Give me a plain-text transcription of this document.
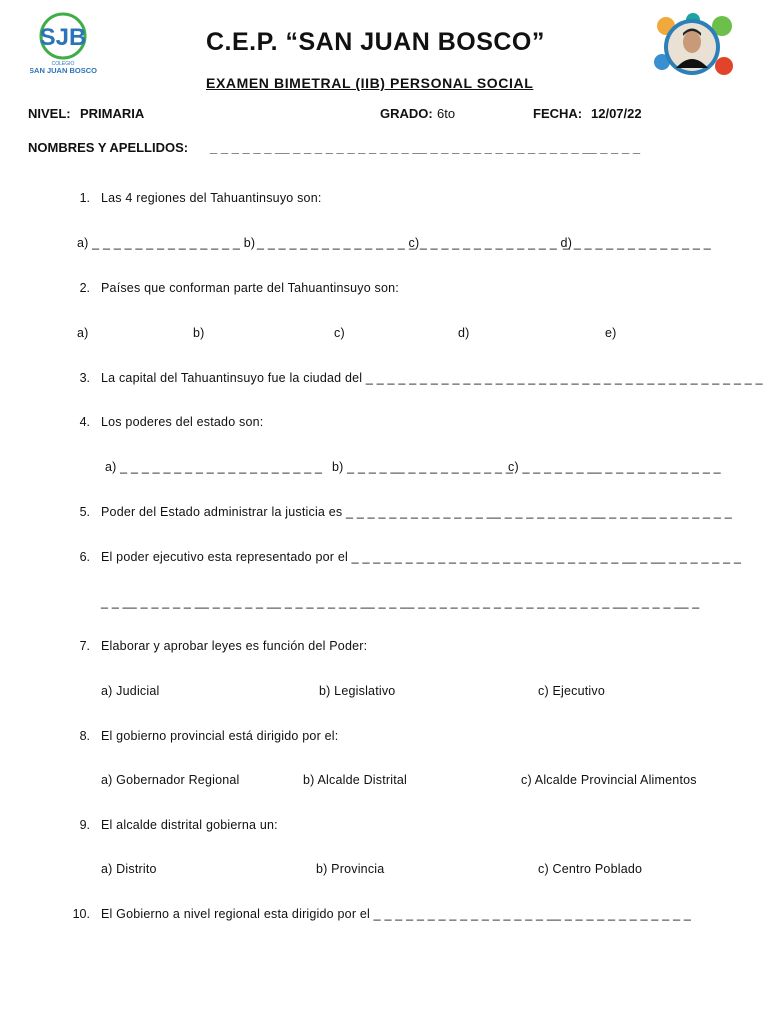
SJB
COLEGIO
SAN JUAN BOSCO
C.E.P. “SAN JUAN BOSCO”
EXAMEN BIMETRAL (IIB) PERSONAL SOCIAL
NIVEL: PRIMARIA	GRADO: 6to	FECHA: 12/07/22
NOMBRES Y APELLIDOS: _ _ _ _ _ _ __ _ _ _ _ _ _ _ _ _ _ _ __ _ _ _ _ _ _ _ _ _ _ _ _ _ _ __ _ _ _ _
1. Las 4 regiones del Tahuantinsuyo son:
a) _ _ _ _ _ _ _ _ _ _ _ _ _ _ b) _ _ _ _ _ _ _ _ _ _ _ _ _ _ c)
_ _ _ _ _ _ _ _ _ _ _ _ _ _ d)
_ _ _ _ _ _ _ _ _ _ _ _ _ _
2. Países que conforman parte del Tahuantinsuyo son:
a)	b)	c)	d)	e)
3. La capital del Tahuantinsuyo fue la ciudad del _ _ _ _ _ _ _ _ _ _ _ _ _ _ _ _ _ _ _ _ _ _ _ _ _ _ _ _ _ _ _ _ _ _ _ _ _
4. Los poderes del estado son:
a) _ _ _ _ _ _ _ _ _ _ _ _ _ _ _ _ _ _ _ b) _ _ _ _ __ _ _ _ _ _ _ _ _ _ _
c) _ _ _ _ _ _ __ _ _ _ _ _ _ _ _ _ _ _
5. Poder del Estado administrar la justicia es _ _ _ _ _ _ _ _ _ _ _ _ _ __ _ _ _ _ _ _ _ _ __ _ _ _ __ _ _ _ _ _ _ _
6. El poder ejecutivo esta representado por el _ _ _ _ _ _ _ _ _ _ _ _ _ _ _ _ _ _ _ _ _ _ _ _ _ __ _ __ _ _ _ _ _ _ _
_ _ __ _ _ _ _ _ __ _ _ _ _ _ __ _ _ _ _ _ _ _ __ _ _ __ _ _ _ _ _ _ _ _ _ _ _ _ _ _ _ _ _ _ __ _ _ _ _ __ _
7. Elaborar y aprobar leyes es función del Poder:
a) Judicial	b) Legislativo	c) Ejecutivo
8. El gobierno provincial está dirigido por el:
a) Gobernador Regional	b) Alcalde Distrital	c) Alcalde Provincial Alimentos
9. El alcalde distrital gobierna un:
a) Distrito	b) Provincia	c) Centro Poblado
10. El Gobierno a nivel regional esta dirigido por el _ _ _ _ _ _ _ _ _ _ _ _ _ _ _ _ __ _ _ _ _ _ _ _ _ _ _ _ _
